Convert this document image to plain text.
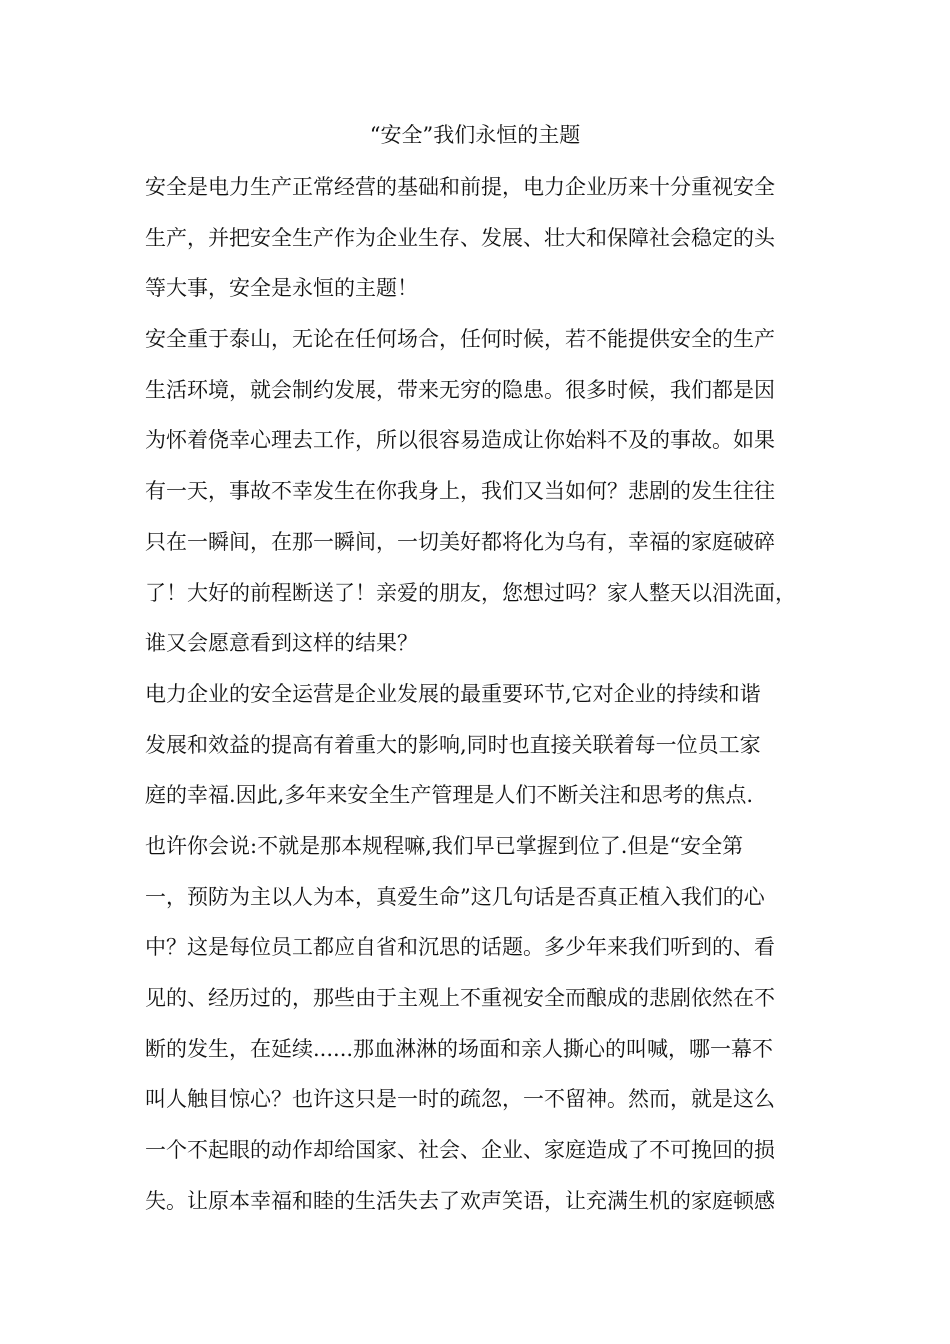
“安全”我们永恒的主题
安全是电力生产正常经营的基础和前提，电力企业历来十分重视安全
生产，并把安全生产作为企业生存、发展、壮大和保障社会稳定的头
等大事，安全是永恒的主题！
安全重于泰山，无论在任何场合，任何时候，若不能提供安全的生产
生活环境，就会制约发展，带来无穷的隐患。很多时候，我们都是因
为怀着侥幸心理去工作，所以很容易造成让你始料不及的事故。如果
有一天，事故不幸发生在你我身上，我们又当如何？悲剧的发生往往
只在一瞬间，在那一瞬间，一切美好都将化为乌有，幸福的家庭破碎
了！大好的前程断送了！亲爱的朋友，您想过吗？家人整天以泪洗面，
谁又会愿意看到这样的结果？
电力企业的安全运营是企业发展的最重要环节,它对企业的持续和谐
发展和效益的提高有着重大的影响,同时也直接关联着每一位员工家
庭的幸福.因此,多年来安全生产管理是人们不断关注和思考的焦点.
也许你会说:不就是那本规程嘛,我们早已掌握到位了.但是“安全第
一，预防为主以人为本，真爱生命”这几句话是否真正植入我们的心
中？这是每位员工都应自省和沉思的话题。多少年来我们听到的、看
见的、经历过的，那些由于主观上不重视安全而酿成的悲剧依然在不
断的发生，在延续......那血淋淋的场面和亲人撕心的叫喊，哪一幕不
叫人触目惊心？也许这只是一时的疏忽，一不留神。然而，就是这么
一个不起眼的动作却给国家、社会、企业、家庭造成了不可挽回的损
失。让原本幸福和睦的生活失去了欢声笑语，让充满生机的家庭顿感
